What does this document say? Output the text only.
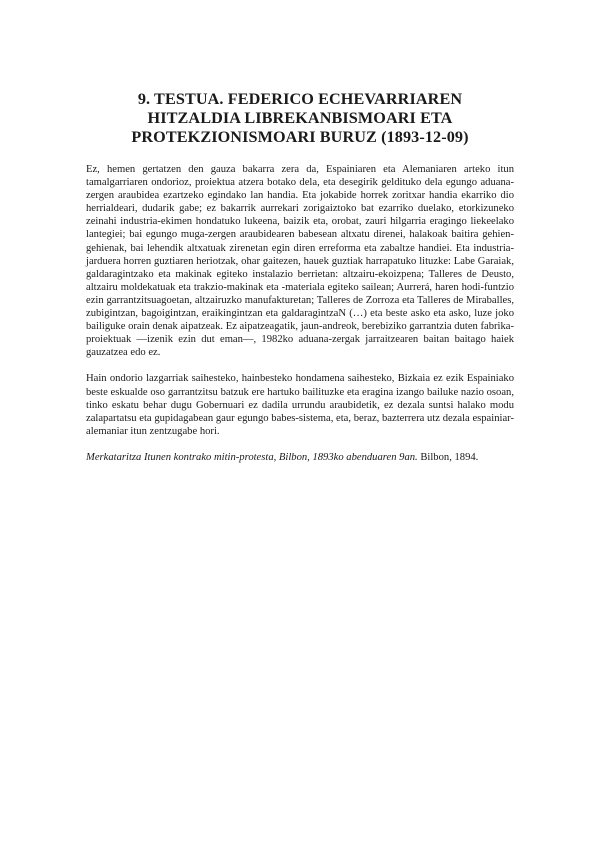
9. TESTUA. FEDERICO ECHEVARRIAREN
HITZALDIA LIBREKANBISMOARI ETA
PROTEKZIONISMOARI BURUZ (1893-12-09)

Ez, hemen gertatzen den gauza bakarra zera da, Espainiaren eta Alemaniaren arteko itun tamalgarriaren ondorioz, proiektua atzera botako dela, eta desegirik geldituko dela egungo aduana-zergen araubidea ezartzeko egindako lan handia. Eta jokabide horrek zoritxar handia ekarriko dio herrialdeari, dudarik gabe; ez bakarrik aurrekari zorigaiztoko bat ezarriko duelako, etorkizuneko zeinahi industria-ekimen hondatuko lukeena, baizik eta, orobat, zauri hilgarria eragingo liekeelako lantegiei; bai egungo muga-zergen araubidearen babesean altxatu direnei, halakoak baitira gehien-gehienak, bai lehendik altxatuak zirenetan egin diren erreforma eta zabaltze handiei. Eta industria-jarduera horren guztiaren heriotzak, ohar gaitezen, hauek guztiak harrapatuko lituzke: Labe Garaiak, galdaragintzako eta makinak egiteko instalazio berrietan: altzairu-ekoizpena; Talleres de Deusto, altzairu moldekatuak eta trakzio-makinak eta -materiala egiteko sailean; Aurrerá, haren hodi-funtzio ezin garrantzitsuagoetan, altzairuzko manufakturetan; Talleres de Zorroza eta Talleres de Miraballes, zubigintzan, bagoigintzan, eraikingintzan eta galdaragintzaN (…) eta beste asko eta asko, luze joko bailiguke orain denak aipatzeak. Ez aipatzeagatik, jaun-andreok, berebiziko garrantzia duten fabrika-proiektuak —izenik ezin dut eman—, 1982ko aduana-zergak jarraitzearen baitan baitago haiek gauzatzea edo ez.

Hain ondorio lazgarriak saihesteko, hainbesteko hondamena saihesteko, Bizkaia ez ezik Espainiako beste eskualde oso garrantzitsu batzuk ere hartuko bailituzke eta eragina izango bailuke nazio osoan, tinko eskatu behar dugu Gobernuari ez dadila urrundu araubidetik, ez dezala suntsi halako modu zalapartatsu eta gupidagabean gaur egungo babes-sistema, eta, beraz, bazterrera utz dezala espainiar-alemaniar itun zentzugabe hori.

Merkataritza Itunen kontrako mitin-protesta, Bilbon, 1893ko abenduaren 9an. Bilbon, 1894.
